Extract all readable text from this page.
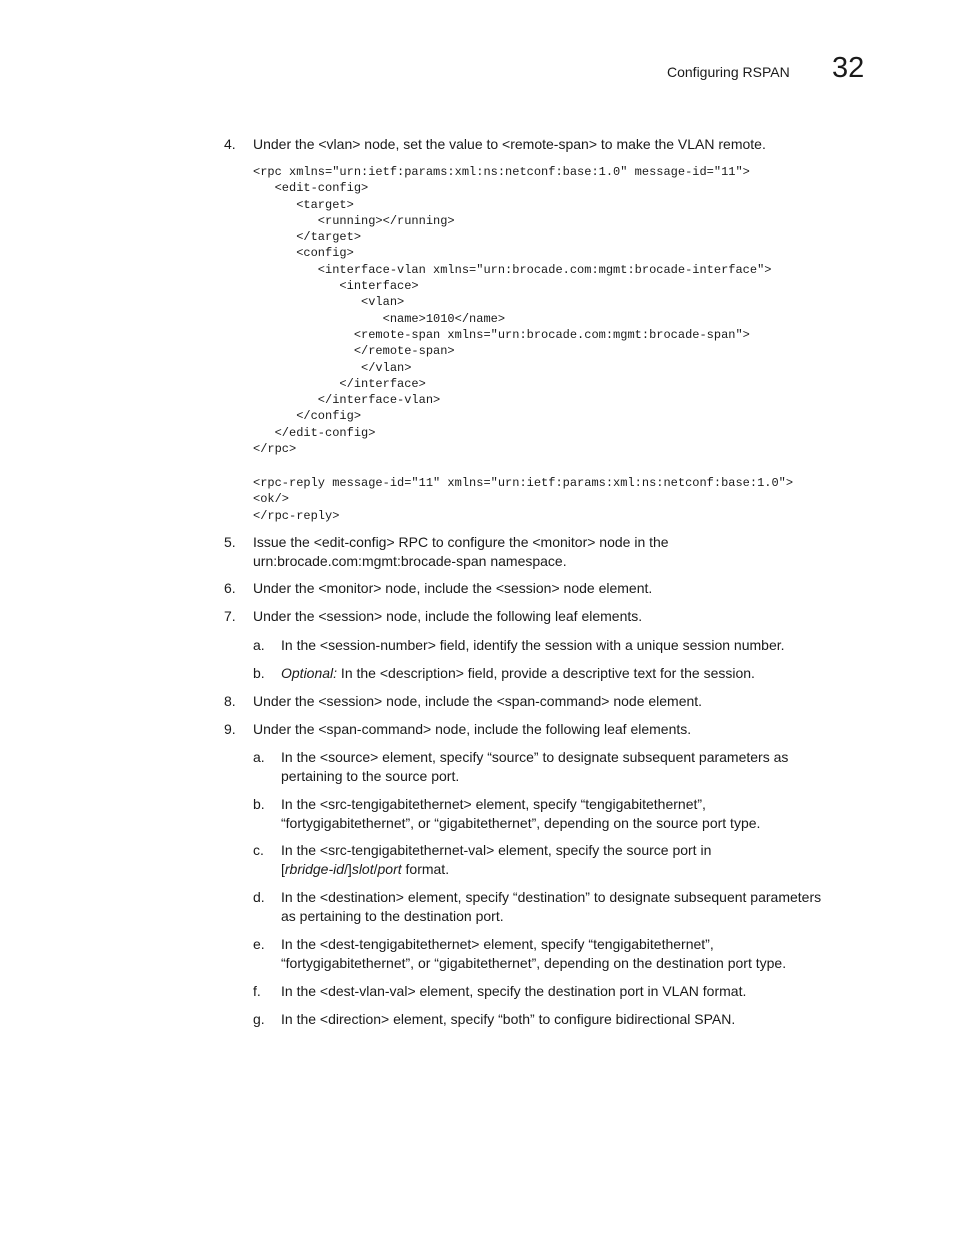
Configuring RSPAN 32
4. Under the <vlan> node, set the value to <remote-span> to make the VLAN remote.
<rpc xmlns="urn:ietf:params:xml:ns:netconf:base:1.0" message-id="11">
<edit-config>
<target>
<running></running>
</target>
<config>
<interface-vlan xmlns="urn:brocade.com:mgmt:brocade-interface">
<interface>
<vlan>
<name>1010</name>
<remote-span xmlns="urn:brocade.com:mgmt:brocade-span">
</remote-span>
</vlan>
</interface>
</interface-vlan>
</config>
</edit-config>
</rpc>
<rpc-reply message-id="11" xmlns="urn:ietf:params:xml:ns:netconf:base:1.0">
<ok/>
</rpc-reply>
5. Issue the <edit-config> RPC to configure the <monitor> node in the
urn:brocade.com:mgmt:brocade-span namespace.
6. Under the <monitor> node, include the <session> node element.
7. Under the <session> node, include the following leaf elements.
a. In the <session-number> field, identify the session with a unique session number.
b. Optional: In the <description> field, provide a descriptive text for the session.
8. Under the <session> node, include the <span-command> node element.
9. Under the <span-command> node, include the following leaf elements.
a. In the <source> element, specify “source” to designate subsequent parameters as
pertaining to the source port.
b. In the <src-tengigabitethernet> element, specify “tengigabitethernet”,
“fortygigabitethernet”, or “gigabitethernet”, depending on the source port type.
c. In the <src-tengigabitethernet-val> element, specify the source port in
[rbridge-id/]slot/port format.
d. In the <destination> element, specify “destination” to designate subsequent parameters
as pertaining to the destination port.
e. In the <dest-tengigabitethernet> element, specify “tengigabitethernet”,
“fortygigabitethernet”, or “gigabitethernet”, depending on the destination port type.
f. In the <dest-vlan-val> element, specify the destination port in VLAN format.
g. In the <direction> element, specify “both” to configure bidirectional SPAN.
